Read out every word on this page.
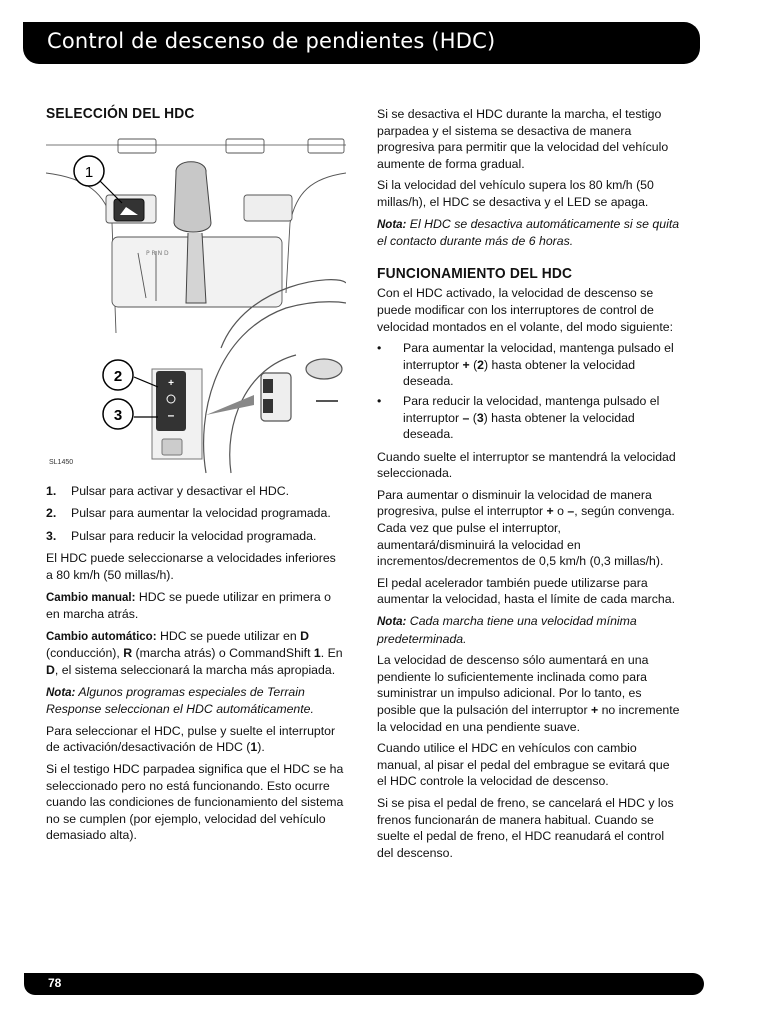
Control de descenso de pendientes (HDC)
SELECCIÓN DEL HDC
P R N D
1
+
–
2
3
SL1450
1. Pulsar para activar y desactivar el HDC.
2. Pulsar para aumentar la velocidad programada.
3. Pulsar para reducir la velocidad programada.

El HDC puede seleccionarse a velocidades inferiores a 80 km/h (50 millas/h).

Cambio manual: HDC se puede utilizar en primera o en marcha atrás.

Cambio automático: HDC se puede utilizar en D (conducción), R (marcha atrás) o CommandShift 1. En D, el sistema seleccionará la marcha más apropiada.

Nota: Algunos programas especiales de Terrain Response seleccionan el HDC automáticamente.

Para seleccionar el HDC, pulse y suelte el interruptor de activación/desactivación de HDC (1).

Si el testigo HDC parpadea significa que el HDC se ha seleccionado pero no está funcionando. Esto ocurre cuando las condiciones de funcionamiento del sistema no se cumplen (por ejemplo, velocidad del vehículo demasiado alta).

Si se desactiva el HDC durante la marcha, el testigo parpadea y el sistema se desactiva de manera progresiva para permitir que la velocidad del vehículo aumente de forma gradual.

Si la velocidad del vehículo supera los 80 km/h (50 millas/h), el HDC se desactiva y el LED se apaga.

Nota: El HDC se desactiva automáticamente si se quita el contacto durante más de 6 horas.

FUNCIONAMIENTO DEL HDC

Con el HDC activado, la velocidad de descenso se puede modificar con los interruptores de control de velocidad montados en el volante, del modo siguiente:

• Para aumentar la velocidad, mantenga pulsado el interruptor + (2) hasta obtener la velocidad deseada.
• Para reducir la velocidad, mantenga pulsado el interruptor – (3) hasta obtener la velocidad deseada.

Cuando suelte el interruptor se mantendrá la velocidad seleccionada.

Para aumentar o disminuir la velocidad de manera progresiva, pulse el interruptor + o –, según convenga. Cada vez que pulse el interruptor, aumentará/disminuirá la velocidad en incrementos/decrementos de 0,5 km/h (0,3 millas/h).

El pedal acelerador también puede utilizarse para aumentar la velocidad, hasta el límite de cada marcha.

Nota: Cada marcha tiene una velocidad mínima predeterminada.

La velocidad de descenso sólo aumentará en una pendiente lo suficientemente inclinada como para suministrar un impulso adicional. Por lo tanto, es posible que la pulsación del interruptor + no incremente la velocidad en una pendiente suave.

Cuando utilice el HDC en vehículos con cambio manual, al pisar el pedal del embrague se evitará que el HDC controle la velocidad de descenso.

Si se pisa el pedal de freno, se cancelará el HDC y los frenos funcionarán de manera habitual. Cuando se suelte el pedal de freno, el HDC reanudará el control del descenso.

78
